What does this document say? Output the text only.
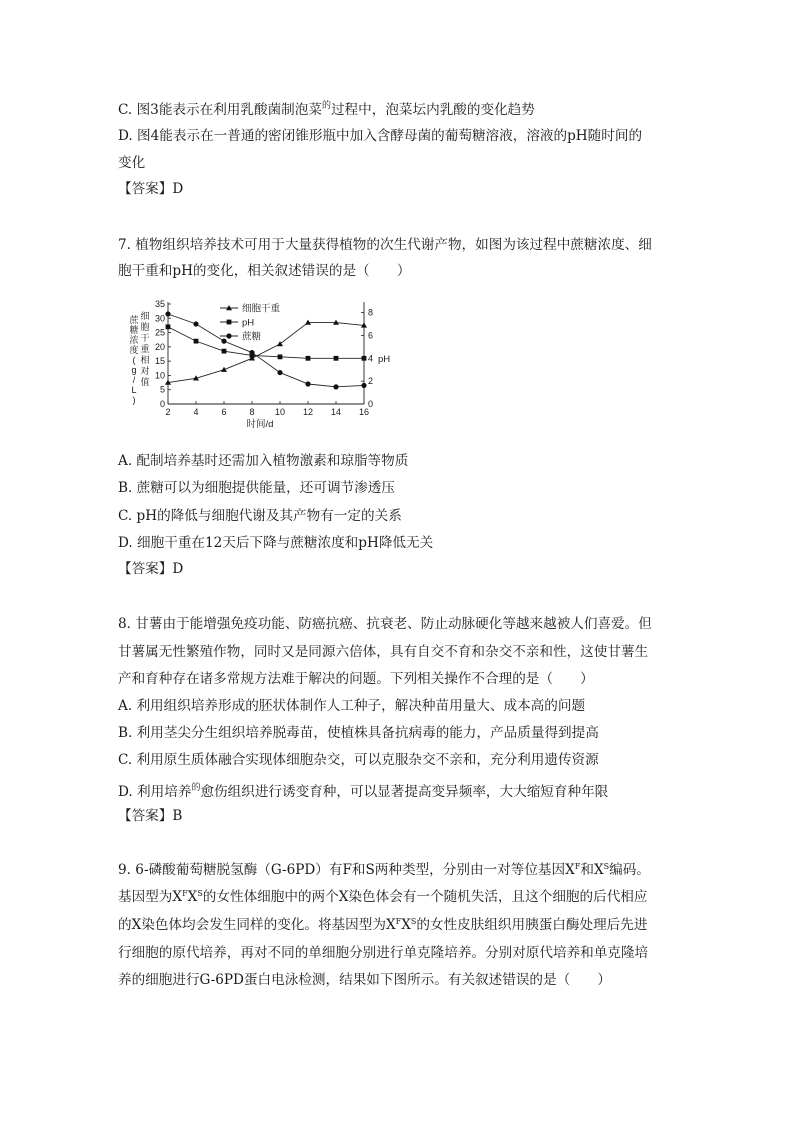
C. 图3能表示在利用乳酸菌制泡菜$^的$过程中，泡菜坛内乳酸的变化趋势
D. 图4能表示在一普通的密闭锥形瓶中加入含酵母菌的葡萄糖溶液，溶液的pH随时间的
变化
【答案】D
7. 植物组织培养技术可用于大量获得植物的次生代谢产物，如图为该过程中蔗糖浓度、细
胞干重和pH的变化，相关叙述错误的是（　　）
2	4	6	8 10 12 14 16
0
5
10
15
20
25
30
35
0
2
4
6
8
细胞干重
pH
蔗糖
蔗
糖
浓
度
(
g
/
L
)
细
胞
干
重
相
对
值
pH
时间/d
A. 配制培养基时还需加入植物激素和琼脂等物质
B. 蔗糖可以为细胞提供能量，还可调节渗透压
C. pH的降低与细胞代谢及其产物有一定的关系
D. 细胞干重在12天后下降与蔗糖浓度和pH降低无关
【答案】D
8. 甘薯由于能增强免疫功能、防癌抗癌、抗衰老、防止动脉硬化等越来越被人们喜爱。但
甘薯属无性繁殖作物，同时又是同源六倍体，具有自交不育和杂交不亲和性，这使甘薯生
产和育种存在诸多常规方法难于解决的问题。下列相关操作不合理的是（　　）
A. 利用组织培养形成的胚状体制作人工种子，解决种苗用量大、成本高的问题
B. 利用茎尖分生组织培养脱毒苗，使植株具备抗病毒的能力，产品质量得到提高
C. 利用原生质体融合实现体细胞杂交，可以克服杂交不亲和，充分利用遗传资源
D. 利用培养$^的$愈伤组织进行诱变育种，可以显著提高变异频率，大大缩短育种年限
【答案】B
9. 6-磷酸葡萄糖脱氢酶（G-6PD）有F和S两种类型，分别由一对等位基因$X^F$和$X^S$编码。
基因型为$X^FX^S$的女性体细胞中的两个X染色体会有一个随机失活，且这个细胞的后代相应
的X染色体均会发生同样的变化。将基因型为$X^FX^S$的女性皮肤组织用胰蛋白酶处理后先进
行细胞的原代培养，再对不同的单细胞分别进行单克隆培养。分别对原代培养和单克隆培
养的细胞进行G-6PD蛋白电泳检测，结果如下图所示。有关叙述错误的是（　　）
